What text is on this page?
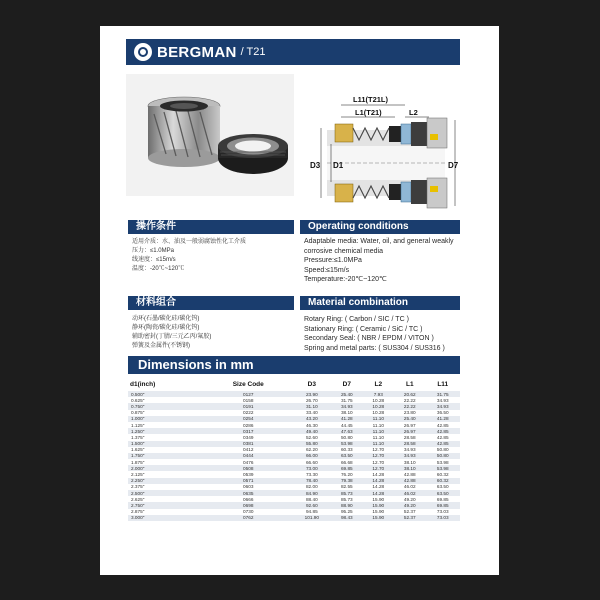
BERGMAN / T21
L11(T21L)
L1(T21)	L2
D3 D1	D7
操作条件
适用介质：水、油及一般弱腐蚀性化工介质
压力：≤1.0MPa
线速度：≤15m/s
温度：-20℃~120℃
Operating conditions
Adaptable media: Water, oil, and general weakly
corrosive chemical media
Pressure:≤1.0MPa
Speed:≤15m/s
Temperature:-20℃~120℃
材料组合
动环(石墨/碳化硅/碳化钨)
静环(陶瓷/碳化硅/碳化钨)
辅助密封(丁腈/三元乙丙/氟胶)
弹簧及金属件(不锈钢)
Material combination
Rotary Ring: ( Carbon / SIC / TC )
Stationary Ring: ( Ceramic / SiC / TC )
Secondary Seal: ( NBR / EPDM / VITON )
Spring and metal parts: ( SUS304 / SUS316 )
Dimensions in mm
d1(inch)	Size Code	D3	D7	L2	L1	L11
0.500"	0127	23.90	25.40	7.93	20.62	31.75
0.625"	0158	26.70	31.75	10.28	22.22	34.93
0.750"	0191	31.10	34.93	10.28	22.22	34.93
0.875"	0222	33.40	38.10	10.28	23.80	36.50
1.000"	0254	43.20	41.28	11.10	25.40	41.28
1.125"	0286	46.30	44.45	11.10	26.97	42.85
1.250"	0317	49.40	47.63	11.10	26.97	42.85
1.375"	0349	52.60	50.80	11.10	28.58	42.85
1.500"	0381	55.80	53.98	11.10	28.58	42.85
1.625"	0412	62.20	60.33	12.70	34.93	50.80
1.750"	0444	66.00	63.50	12.70	34.93	50.80
1.875"	0476	66.60	66.68	12.70	38.10	53.98
2.000"	0508	73.00	69.85	12.70	38.10	53.98
2.125"	0539	73.30	76.20	14.28	42.88	60.32
2.250"	0571	78.40	79.38	14.28	42.88	60.32
2.375"	0603	82.00	82.55	14.28	46.02	63.50
2.500"	0635	84.90	85.73	14.28	46.02	63.50
2.625"	0666	88.40	85.73	15.90	49.20	69.85
2.750"	0698	92.60	88.90	15.90	49.20	69.85
2.875"	0730	94.85	95.25	15.90	52.37	73.03
3.000"	0762	101.90	98.43	15.90	52.37	73.03
